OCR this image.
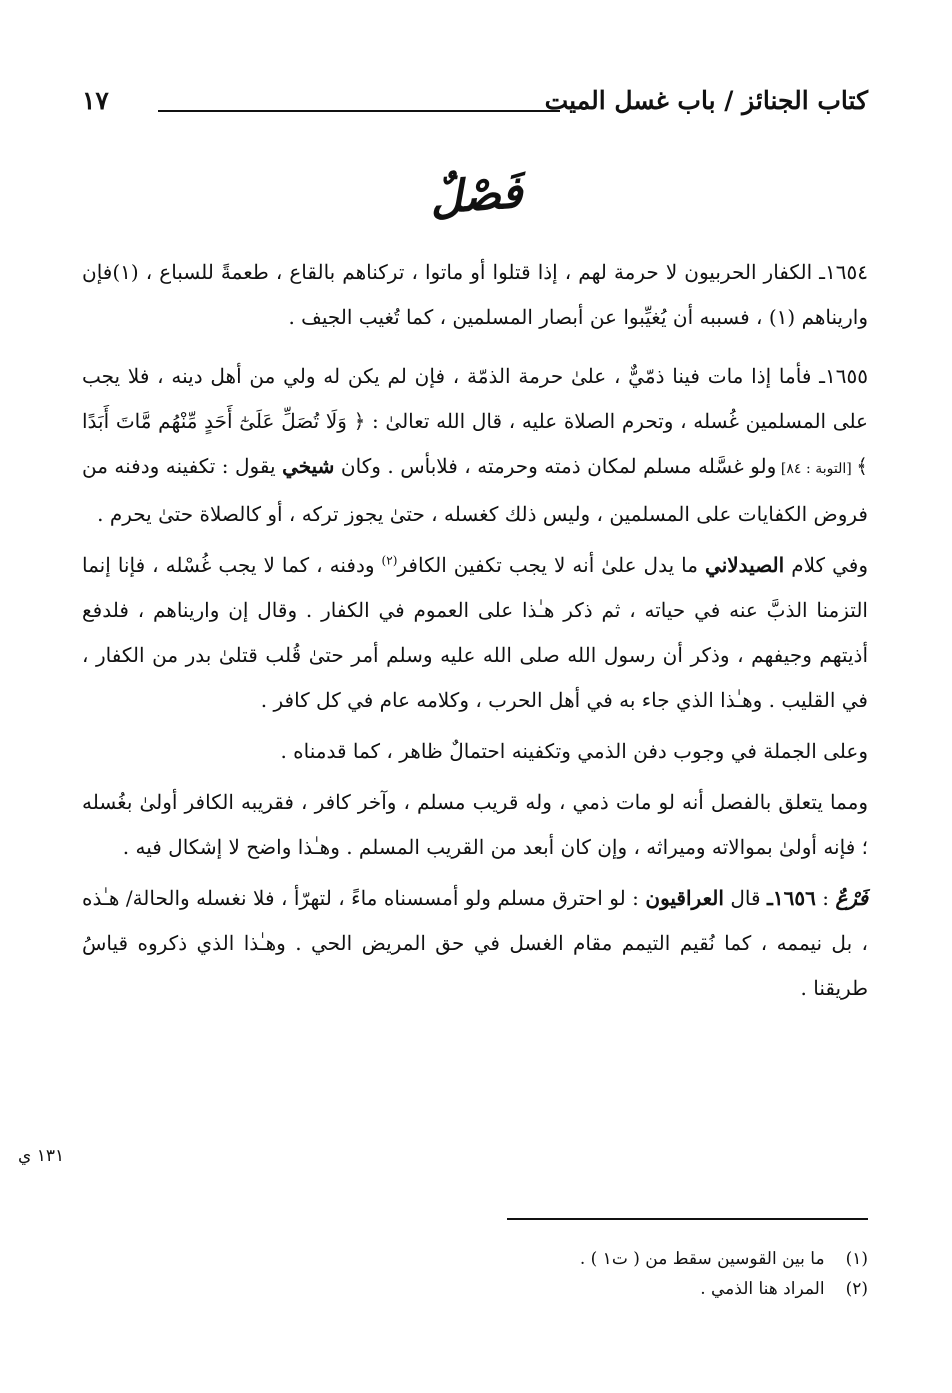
كتاب الجنائز / باب غسل الميت
١٧
فَصْلٌ

١٦٥٤ـ الكفار الحربيون لا حرمة لهم ، إذا قتلوا أو ماتوا ، تركناهم بالقاع ، طعمةً للسباع ، (١)فإن واريناهم (١) ، فسببه أن يُغيِّبوا عن أبصار المسلمين ، كما تُغيب الجيف .

١٦٥٥ـ فأما إذا مات فينا ذمّيٌّ ، علىٰ حرمة الذمّة ، فإن لم يكن له ولي من أهل دينه ، فلا يجب على المسلمين غُسله ، وتحرم الصلاة عليه ، قال الله تعالىٰ : ﴿ وَلَا تُصَلِّ عَلَىٰٓ أَحَدٍ مِّنْهُم مَّاتَ أَبَدًا ﴾ [التوبة : ٨٤] ولو غسَّله مسلم لمكان ذمته وحرمته ، فلابأس . وكان شيخي يقول : تكفينه ودفنه من فروض الكفايات على المسلمين ، وليس ذلك كغسله ، حتىٰ يجوز تركه ، أو كالصلاة حتىٰ يحرم .

وفي كلام الصيدلاني ما يدل علىٰ أنه لا يجب تكفين الكافر$^{(٢)}$ ودفنه ، كما لا يجب غُسْله ، فإنا إنما التزمنا الذبَّ عنه في حياته ، ثم ذكر هـٰذا على العموم في الكفار . وقال إن واريناهم ، فلدفع أذيتهم وجيفهم ، وذكر أن رسول الله صلى الله عليه وسلم أمر حتىٰ قُلب قتلىٰ بدر من الكفار ، في القليب . وهـٰذا الذي جاء به في أهل الحرب ، وكلامه عام في كل كافر .

وعلى الجملة في وجوب دفن الذمي وتكفينه احتمالٌ ظاهر ، كما قدمناه .

ومما يتعلق بالفصل أنه لو مات ذمي ، وله قريب مسلم ، وآخر كافر ، فقريبه الكافر أولىٰ بغُسله ؛ فإنه أولىٰ بموالاته وميراثه ، وإن كان أبعد من القريب المسلم . وهـٰذا واضح لا إشكال فيه .

فَرْعٌ : ١٦٥٦ـ قال العراقيون : لو احترق مسلم ولو أمسسناه ماءً ، لتهرّأ ، فلا نغسله والحالة/ هـٰذه ، بل نيممه ، كما نُقيم التيمم مقام الغسل في حق المريض الحي . وهـٰذا الذي ذكروه قياسُ طريقنا .

١٣١ ي
(١) ما بين القوسين سقط من ( ت١ ) .
(٢) المراد هنا الذمي .
